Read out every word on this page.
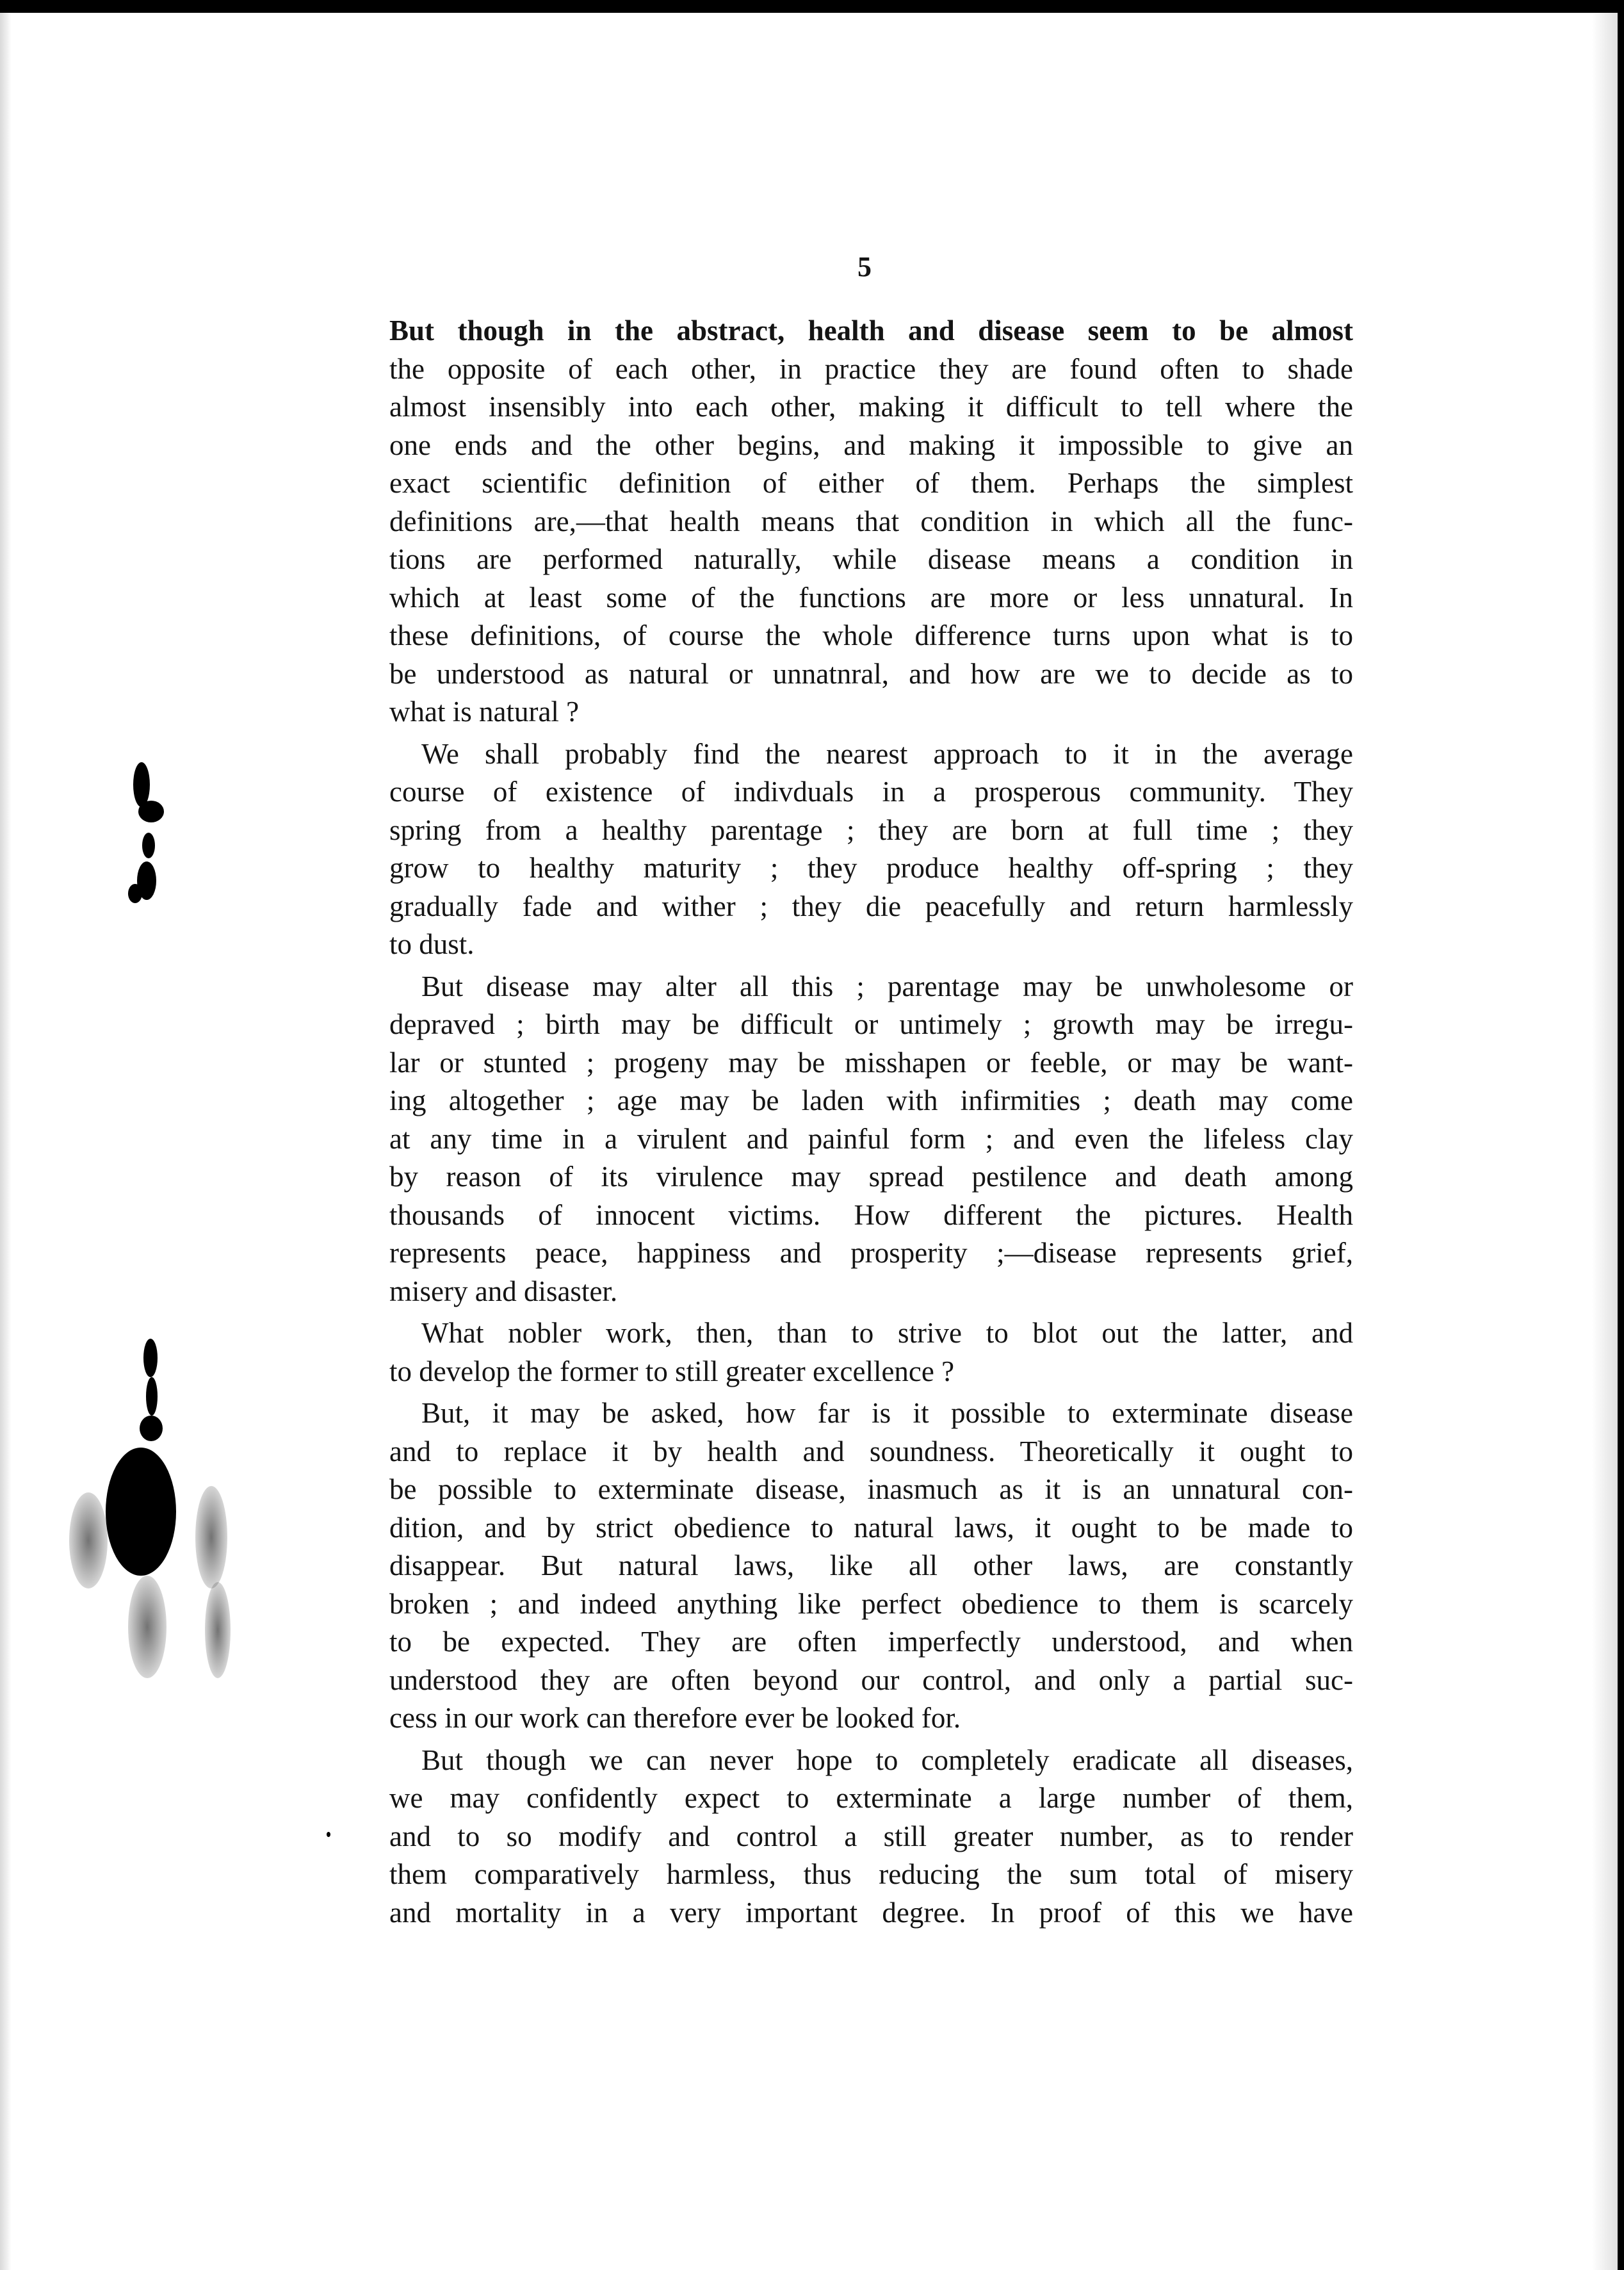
5

But though in the abstract, health and disease seem to be almost
the opposite of each other, in practice they are found often to shade
almost insensibly into each other, making it difficult to tell where the
one ends and the other begins, and making it impossible to give an
exact scientific definition of either of them. Perhaps the simplest
definitions are,—that health means that condition in which all the func-
tions are performed naturally, while disease means a condition in
which at least some of the functions are more or less unnatural. In
these definitions, of course the whole difference turns upon what is to
be understood as natural or unnatnral, and how are we to decide as to
what is natural ?

We shall probably find the nearest approach to it in the average
course of existence of indivduals in a prosperous community. They
spring from a healthy parentage ; they are born at full time ; they
grow to healthy maturity ; they produce healthy off-spring ; they
gradually fade and wither ; they die peacefully and return harmlessly
to dust.

But disease may alter all this ; parentage may be unwholesome or
depraved ; birth may be difficult or untimely ; growth may be irregu-
lar or stunted ; progeny may be misshapen or feeble, or may be want-
ing altogether ; age may be laden with infirmities ; death may come
at any time in a virulent and painful form ; and even the lifeless clay
by reason of its virulence may spread pestilence and death among
thousands of innocent victims. How different the pictures. Health
represents peace, happiness and prosperity ;—disease represents grief,
misery and disaster.

What nobler work, then, than to strive to blot out the latter, and
to develop the former to still greater excellence ?

But, it may be asked, how far is it possible to exterminate disease
and to replace it by health and soundness. Theoretically it ought to
be possible to exterminate disease, inasmuch as it is an unnatural con-
dition, and by strict obedience to natural laws, it ought to be made to
disappear. But natural laws, like all other laws, are constantly
broken ; and indeed anything like perfect obedience to them is scarcely
to be expected. They are often imperfectly understood, and when
understood they are often beyond our control, and only a partial suc-
cess in our work can therefore ever be looked for.

But though we can never hope to completely eradicate all diseases,
we may confidently expect to exterminate a large number of them,
and to so modify and control a still greater number, as to render
them comparatively harmless, thus reducing the sum total of misery
and mortality in a very important degree. In proof of this we have
